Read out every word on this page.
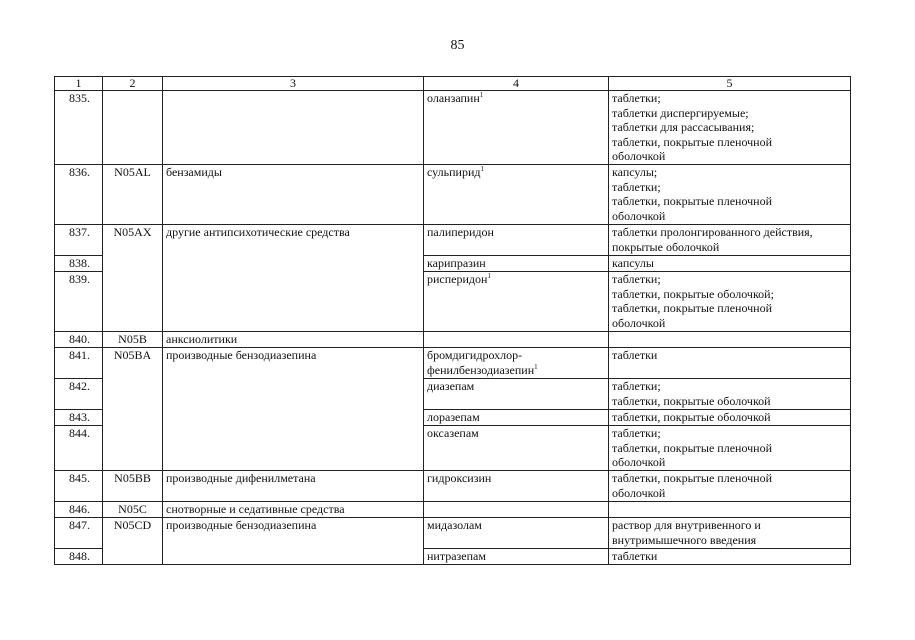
85
1	2	3	4	5
835.			оланзапин$^1$	таблетки;
таблетки диспергируемые;
таблетки для рассасывания;
таблетки, покрытые пленочной
оболочкой
836.	N05AL	бензамиды	сульпирид$^1$	капсулы;
таблетки;
таблетки, покрытые пленочной
оболочкой
837.	N05AX	другие антипсихотические средства	палиперидон	таблетки пролонгированного действия,
покрытые оболочкой
838.			карипразин	капсулы
839.			рисперидон$^1$	таблетки;
таблетки, покрытые оболочкой;
таблетки, покрытые пленочной
оболочкой
840.	N05B	анксиолитики		
841.	N05BA	производные бензодиазепина	бромдигидрохлор-
фенилбензодиазепин$^1$	таблетки
842.			диазепам	таблетки;
таблетки, покрытые оболочкой
843.			лоразепам	таблетки, покрытые оболочкой
844.			оксазепам	таблетки;
таблетки, покрытые пленочной
оболочкой
845.	N05BB	производные дифенилметана	гидроксизин	таблетки, покрытые пленочной
оболочкой
846.	N05C	снотворные и седативные средства		
847.	N05CD	производные бензодиазепина	мидазолам	раствор для внутривенного и
внутримышечного введения
848.			нитразепам	таблетки
